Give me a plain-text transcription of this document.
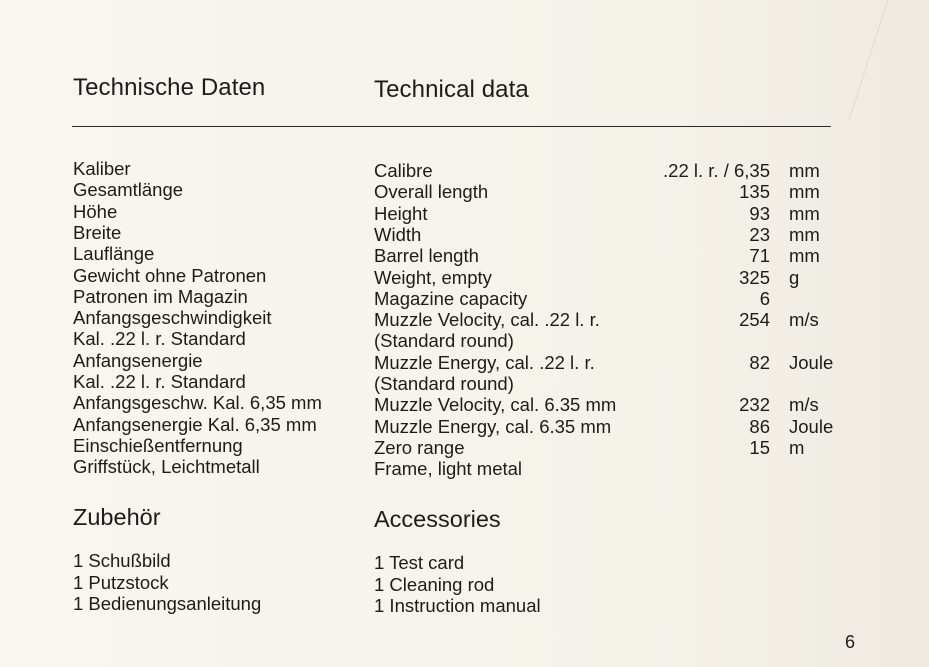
Technische Daten	Technical data
Kaliber	Calibre	.22 l. r. / 6,35 mm
Gesamtlänge	Overall length	135 mm
Höhe	Height	93 mm
Breite	Width	23 mm
Lauflänge	Barrel length	71 mm
Gewicht ohne Patronen	Weight, empty	325 g
Patronen im Magazin	Magazine capacity	6
Anfangsgeschwindigkeit	Muzzle Velocity, cal. .22 l. r.	254 m/s
Kal. .22 l. r. Standard	(Standard round)
Anfangsenergie	Muzzle Energy, cal. .22 l. r.	82 Joule
Kal. .22 l. r. Standard	(Standard round)
Anfangsgeschw. Kal. 6,35 mm	Muzzle Velocity, cal. 6.35 mm	232 m/s
Anfangsenergie Kal. 6,35 mm	Muzzle Energy, cal. 6.35 mm	86 Joule
Einschießentfernung	Zero range	15 m
Griffstück, Leichtmetall	Frame, light metal
Zubehör	Accessories
1 Schußbild	1 Test card
1 Putzstock	1 Cleaning rod
1 Bedienungsanleitung	1 Instruction manual
6
